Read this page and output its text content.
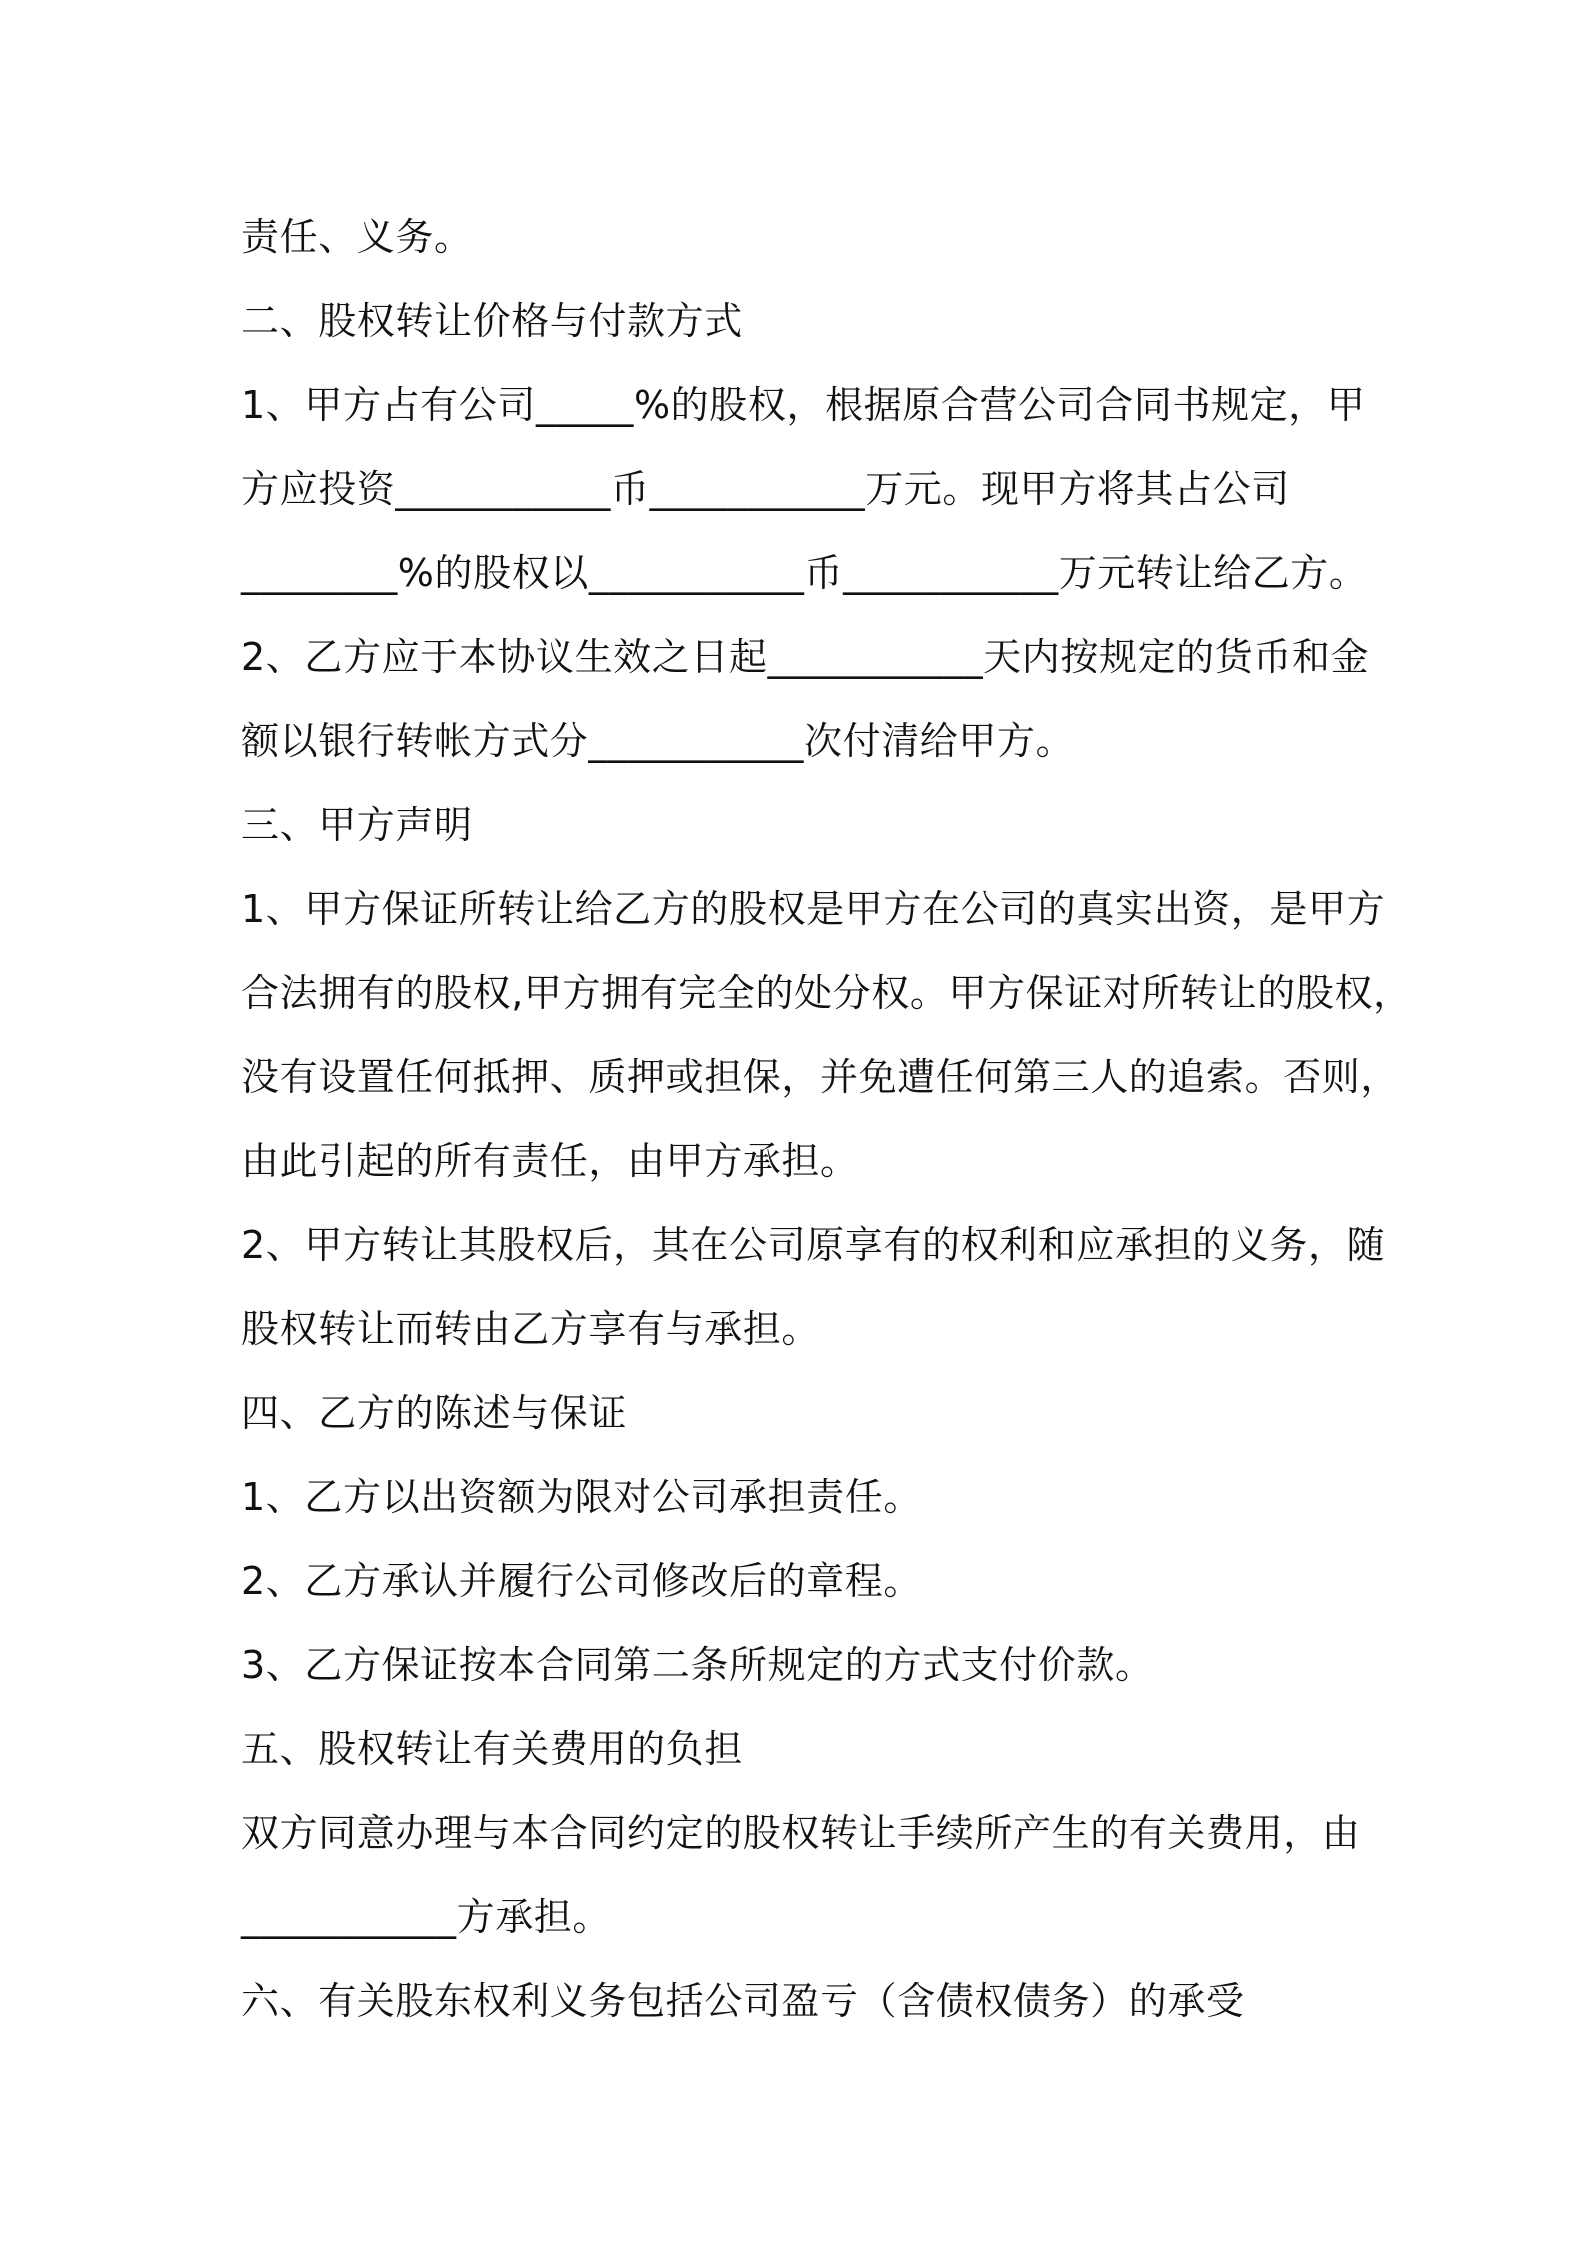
责任、义务。
二、股权转让价格与付款方式
1、甲方占有公司_____%的股权，根据原合营公司合同书规定，甲
方应投资___________币___________万元。现甲方将其占公司
________%的股权以___________币___________万元转让给乙方。
2、乙方应于本协议生效之日起___________天内按规定的货币和金
额以银行转帐方式分___________次付清给甲方。
三、甲方声明
1、甲方保证所转让给乙方的股权是甲方在公司的真实出资，是甲方
合法拥有的股权,甲方拥有完全的处分权。甲方保证对所转让的股权，
没有设置任何抵押、质押或担保，并免遭任何第三人的追索。否则，
由此引起的所有责任，由甲方承担。
2、甲方转让其股权后，其在公司原享有的权利和应承担的义务，随
股权转让而转由乙方享有与承担。
四、乙方的陈述与保证
1、乙方以出资额为限对公司承担责任。
2、乙方承认并履行公司修改后的章程。
3、乙方保证按本合同第二条所规定的方式支付价款。
五、股权转让有关费用的负担
双方同意办理与本合同约定的股权转让手续所产生的有关费用，由
___________方承担。
六、有关股东权利义务包括公司盈亏（含债权债务）的承受
